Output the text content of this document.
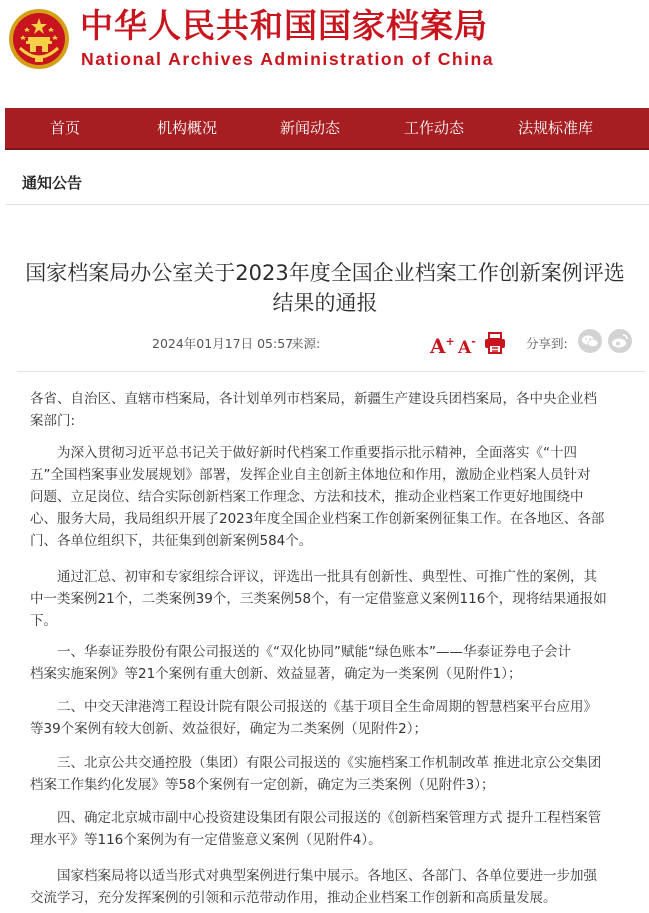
中华人民共和国国家档案局
National Archives Administration of China
首页	机构概况	新闻动态	工作动态	法规标准库
通知公告
国家档案局办公室关于2023年度全国企业档案工作创新案例评选
结果的通报
2024年01月17日 05:57
来源:	A+ A-	分享到:
各省、自治区、直辖市档案局，各计划单列市档案局，新疆生产建设兵团档案局，各中央企业档
案部门:
　　为深入贯彻习近平总书记关于做好新时代档案工作重要指示批示精神，全面落实《“十四
五”全国档案事业发展规划》部署，发挥企业自主创新主体地位和作用，激励企业档案人员针对
问题、立足岗位、结合实际创新档案工作理念、方法和技术，推动企业档案工作更好地围绕中
心、服务大局，我局组织开展了2023年度全国企业档案工作创新案例征集工作。在各地区、各部
门、各单位组织下，共征集到创新案例584个。
　　通过汇总、初审和专家组综合评议，评选出一批具有创新性、典型性、可推广性的案例，其
中一类案例21个，二类案例39个，三类案例58个，有一定借鉴意义案例116个，现将结果通报如
下。
　　一、华泰证券股份有限公司报送的《“双化协同”赋能“绿色账本”——华泰证券电子会计
档案实施案例》等21个案例有重大创新、效益显著，确定为一类案例（见附件1）；
　　二、中交天津港湾工程设计院有限公司报送的《基于项目全生命周期的智慧档案平台应用》
等39个案例有较大创新、效益很好，确定为二类案例（见附件2）；
　　三、北京公共交通控股（集团）有限公司报送的《实施档案工作机制改革 推进北京公交集团
档案工作集约化发展》等58个案例有一定创新，确定为三类案例（见附件3）；
　　四、确定北京城市副中心投资建设集团有限公司报送的《创新档案管理方式 提升工程档案管
理水平》等116个案例为有一定借鉴意义案例（见附件4）。
　　国家档案局将以适当形式对典型案例进行集中展示。各地区、各部门、各单位要进一步加强
交流学习，充分发挥案例的引领和示范带动作用，推动企业档案工作创新和高质量发展。
